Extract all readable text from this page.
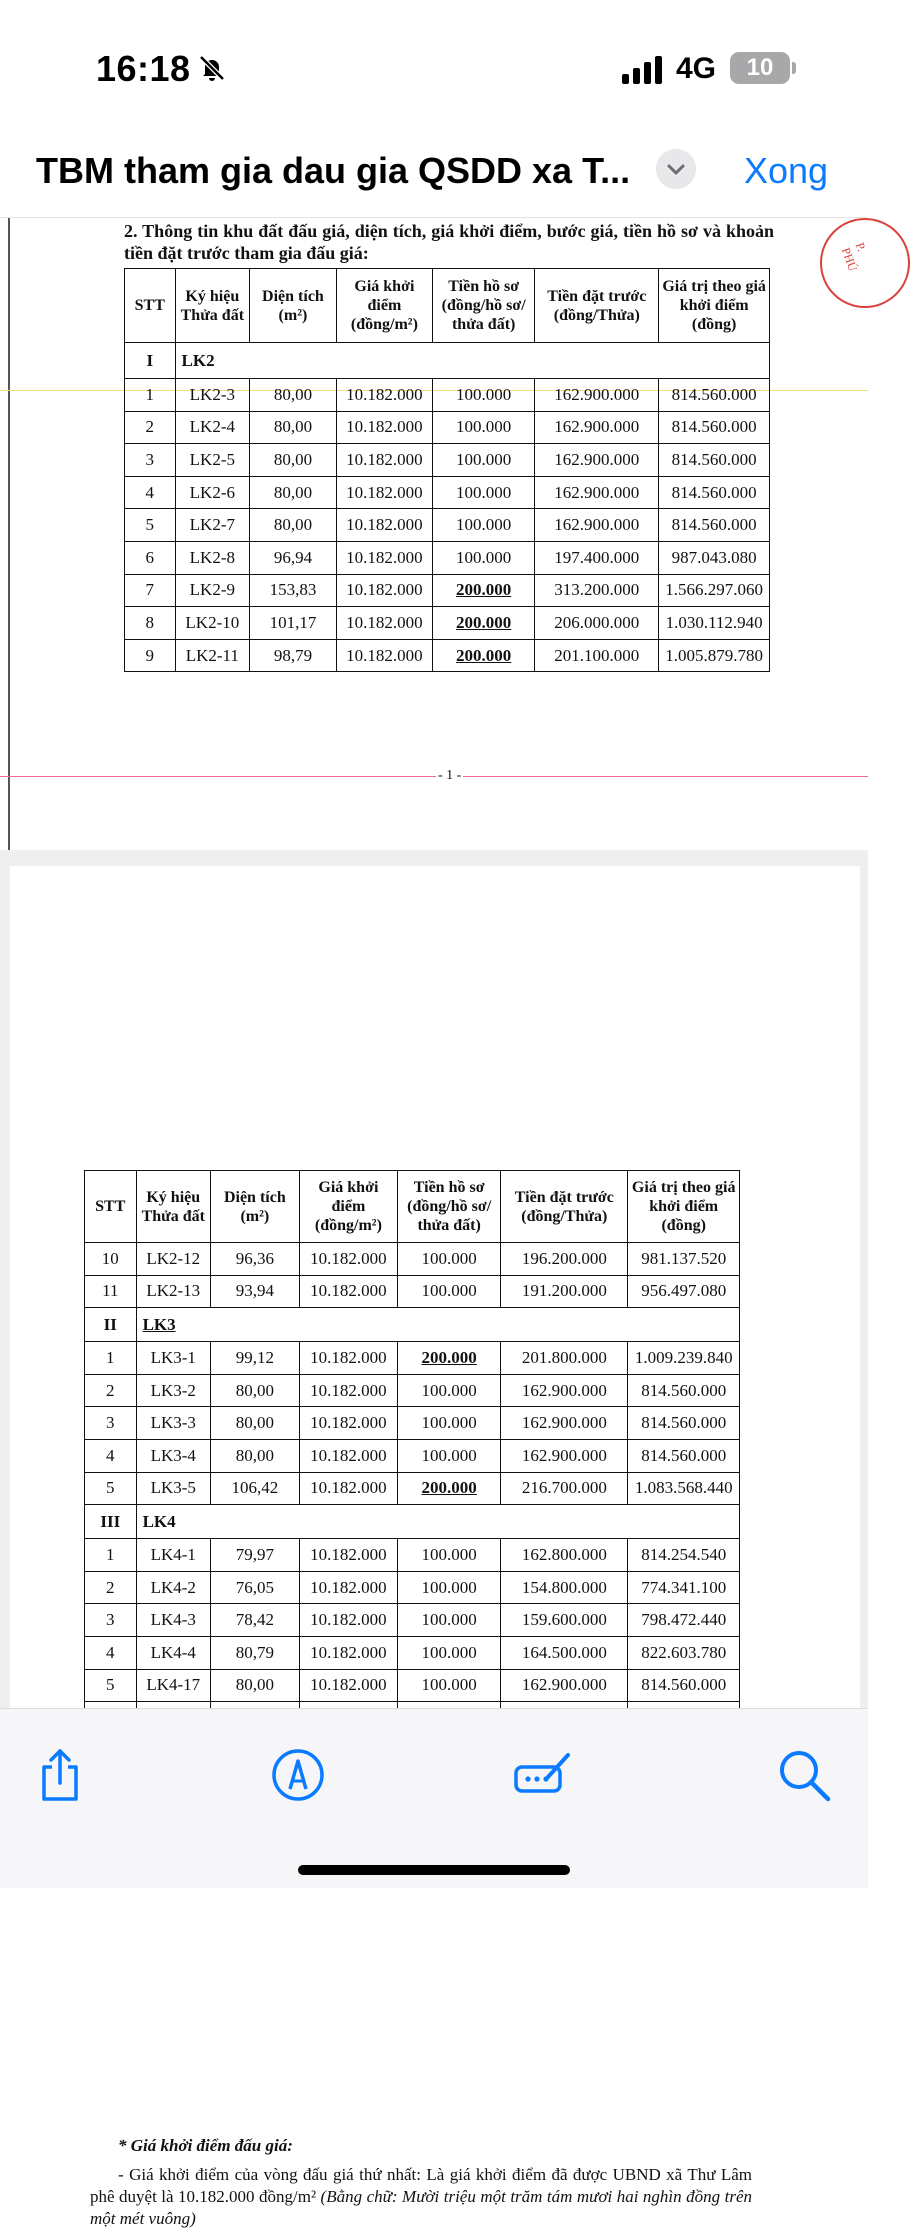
16:18	4G	10
TBM tham gia dau gia QSDD xa T...	Xong
2. Thông tin khu đất đấu giá, diện tích, giá khởi điểm, bước giá, tiền hồ sơ và khoản tiền đặt trước tham gia đấu giá:	P. PHÚ
STT	Ký hiệu Thửa đất	Diện tích (m²)	Giá khởi điểm (đồng/m²)	Tiền hồ sơ (đồng/hồ sơ/ thửa đất)	Tiền đặt trước (đồng/Thửa)	Giá trị theo giá khởi điểm (đồng)
I	LK2					
1	LK2-3	80,00	10.182.000	100.000	162.900.000	814.560.000
2	LK2-4	80,00	10.182.000	100.000	162.900.000	814.560.000
3	LK2-5	80,00	10.182.000	100.000	162.900.000	814.560.000
4	LK2-6	80,00	10.182.000	100.000	162.900.000	814.560.000
5	LK2-7	80,00	10.182.000	100.000	162.900.000	814.560.000
6	LK2-8	96,94	10.182.000	100.000	197.400.000	987.043.080
7	LK2-9	153,83	10.182.000	200.000	313.200.000	1.566.297.060
8	LK2-10	101,17	10.182.000	200.000	206.000.000	1.030.112.940
9	LK2-11	98,79	10.182.000	200.000	201.100.000	1.005.879.780
- 1 -
STT	Ký hiệu Thửa đất	Diện tích (m²)	Giá khởi điểm (đồng/m²)	Tiền hồ sơ (đồng/hồ sơ/ thửa đất)	Tiền đặt trước (đồng/Thửa)	Giá trị theo giá khởi điểm (đồng)
10	LK2-12	96,36	10.182.000	100.000	196.200.000	981.137.520
11	LK2-13	93,94	10.182.000	100.000	191.200.000	956.497.080
II	LK3					
1	LK3-1	99,12	10.182.000	200.000	201.800.000	1.009.239.840
2	LK3-2	80,00	10.182.000	100.000	162.900.000	814.560.000
3	LK3-3	80,00	10.182.000	100.000	162.900.000	814.560.000
4	LK3-4	80,00	10.182.000	100.000	162.900.000	814.560.000
5	LK3-5	106,42	10.182.000	200.000	216.700.000	1.083.568.440
III	LK4					
1	LK4-1	79,97	10.182.000	100.000	162.800.000	814.254.540
2	LK4-2	76,05	10.182.000	100.000	154.800.000	774.341.100
3	LK4-3	78,42	10.182.000	100.000	159.600.000	798.472.440
4	LK4-4	80,79	10.182.000	100.000	164.500.000	822.603.780
5	LK4-17	80,00	10.182.000	100.000	162.900.000	814.560.000

* Giá khởi điểm đấu giá:
- Giá khởi điểm của vòng đấu giá thứ nhất: Là giá khởi điểm đã được UBND xã Thư Lâm phê duyệt là 10.182.000 đồng/m² (Bằng chữ: Mười triệu một trăm tám mươi hai nghìn đồng trên một mét vuông)
